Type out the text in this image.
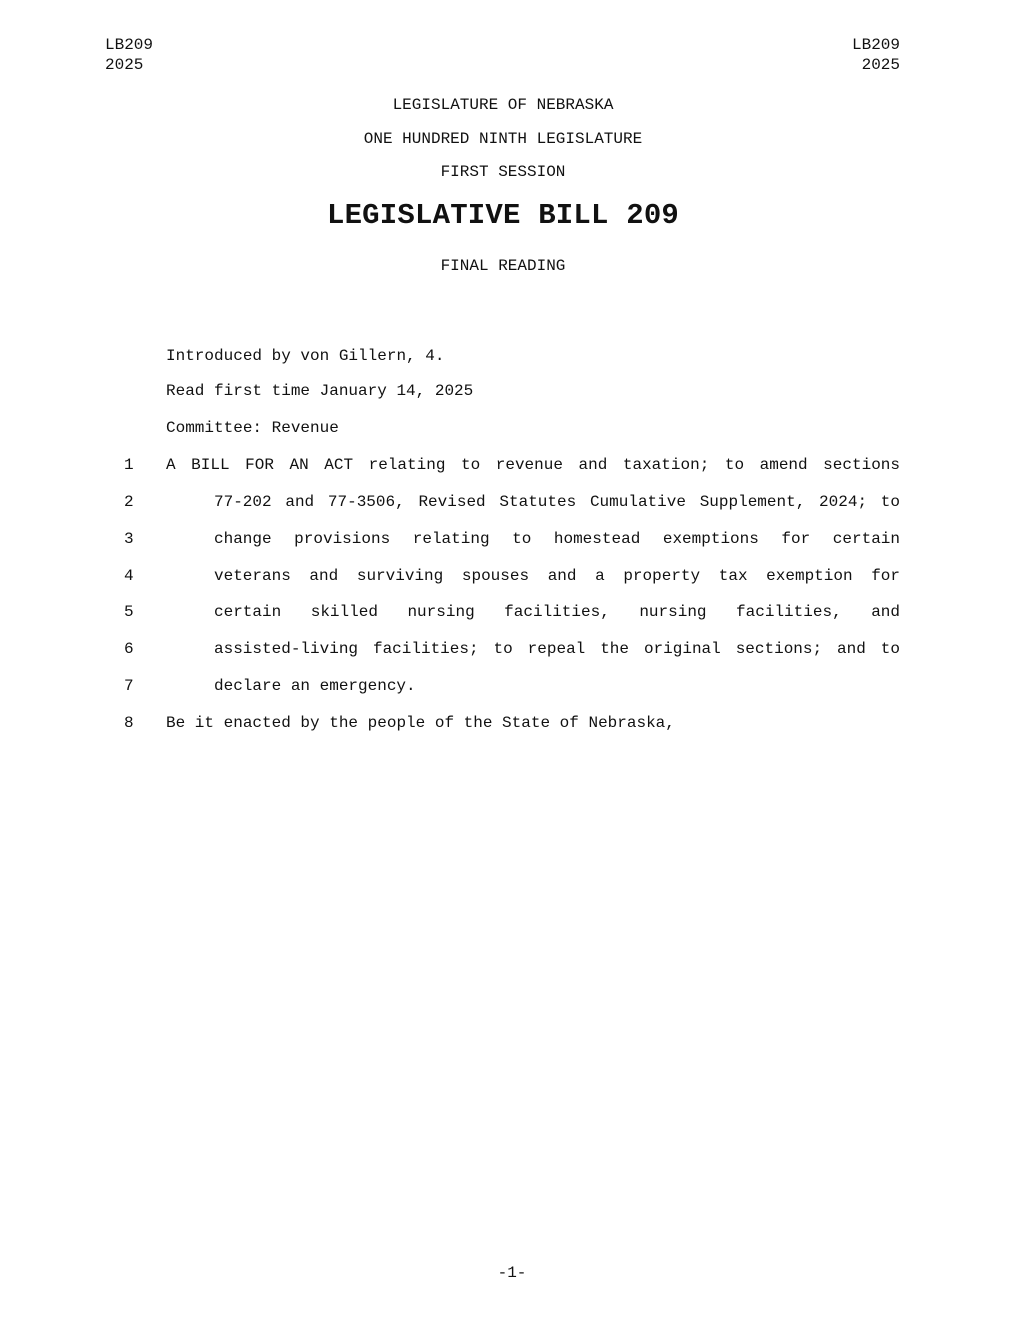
LB209
2025
LB209
2025
LEGISLATURE OF NEBRASKA
ONE HUNDRED NINTH LEGISLATURE
FIRST SESSION
LEGISLATIVE BILL 209
FINAL READING
Introduced by von Gillern, 4.
Read first time January 14, 2025
Committee: Revenue
1 A BILL FOR AN ACT relating to revenue and taxation; to amend sections
2	77-202 and 77-3506, Revised Statutes Cumulative Supplement, 2024; to
3	change provisions relating to homestead exemptions for certain
4	veterans and surviving spouses and a property tax exemption for
5	certain skilled nursing facilities, nursing facilities, and
6	assisted-living facilities; to repeal the original sections; and to
7	declare an emergency.
8 Be it enacted by the people of the State of Nebraska,
-1-
